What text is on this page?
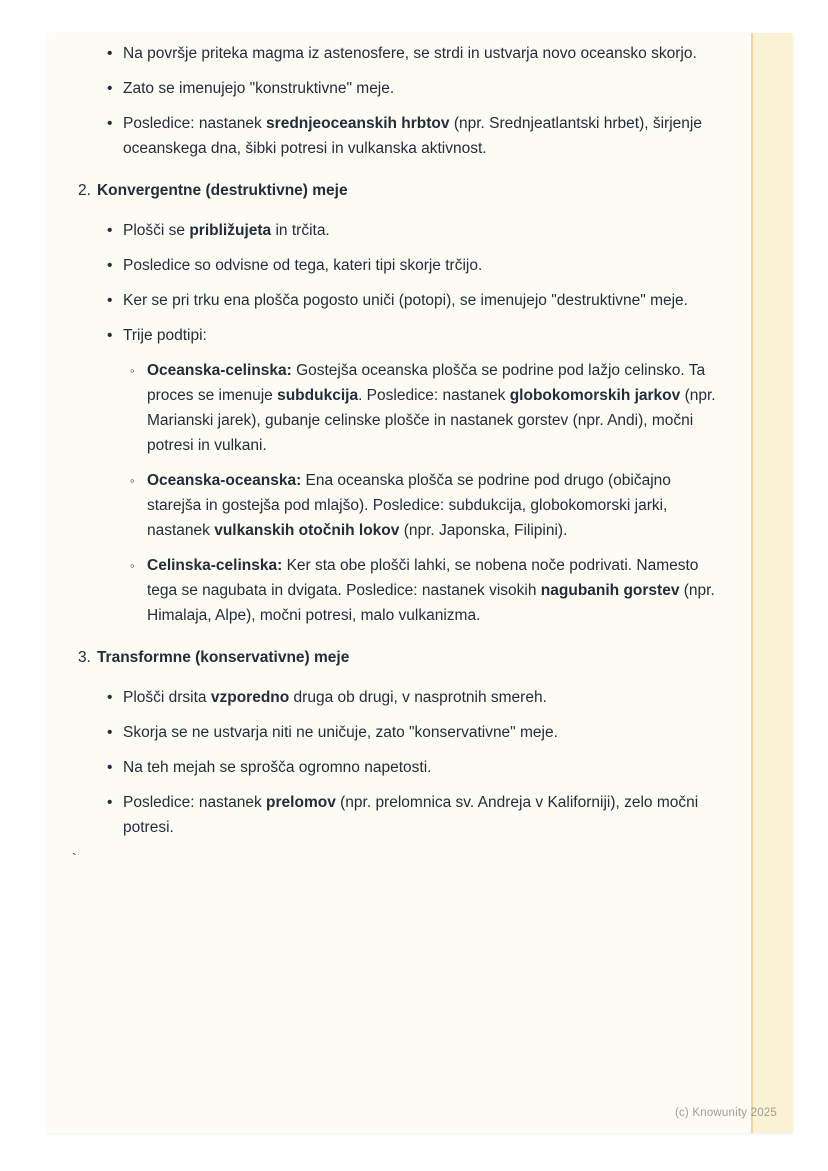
• Na površje priteka magma iz astenosfere, se strdi in ustvarja novo oceansko skorjo.
• Zato se imenujejo "konstruktivne" meje.
• Posledice: nastanek srednjeoceanskih hrbtov (npr. Srednjeatlantski hrbet), širjenje oceanskega dna, šibki potresi in vulkanska aktivnost.
2. Konvergentne (destruktivne) meje
• Plošči se približujeta in trčita.
• Posledice so odvisne od tega, kateri tipi skorje trčijo.
• Ker se pri trku ena plošča pogosto uniči (potopi), se imenujejo "destruktivne" meje.
• Trije podtipi:
◦ Oceanska-celinska: Gostejša oceanska plošča se podrine pod lažjo celinsko. Ta proces se imenuje subdukcija. Posledice: nastanek globokomorskih jarkov (npr. Marianski jarek), gubanje celinske plošče in nastanek gorstev (npr. Andi), močni potresi in vulkani.
◦ Oceanska-oceanska: Ena oceanska plošča se podrine pod drugo (običajno starejša in gostejša pod mlajšo). Posledice: subdukcija, globokomorski jarki, nastanek vulkanskih otočnih lokov (npr. Japonska, Filipini).
◦ Celinska-celinska: Ker sta obe plošči lahki, se nobena noče podrivati. Namesto tega se nagubata in dvigata. Posledice: nastanek visokih nagubanih gorstev (npr. Himalaja, Alpe), močni potresi, malo vulkanizma.
3. Transformne (konservativne) meje
• Plošči drsita vzporedno druga ob drugi, v nasprotnih smereh.
• Skorja se ne ustvarja niti ne uničuje, zato "konservativne" meje.
• Na teh mejah se sprošča ogromno napetosti.
• Posledice: nastanek prelomov (npr. prelomnica sv. Andreja v Kaliforniji), zelo močni potresi.
`
(c) Knowunity 2025
